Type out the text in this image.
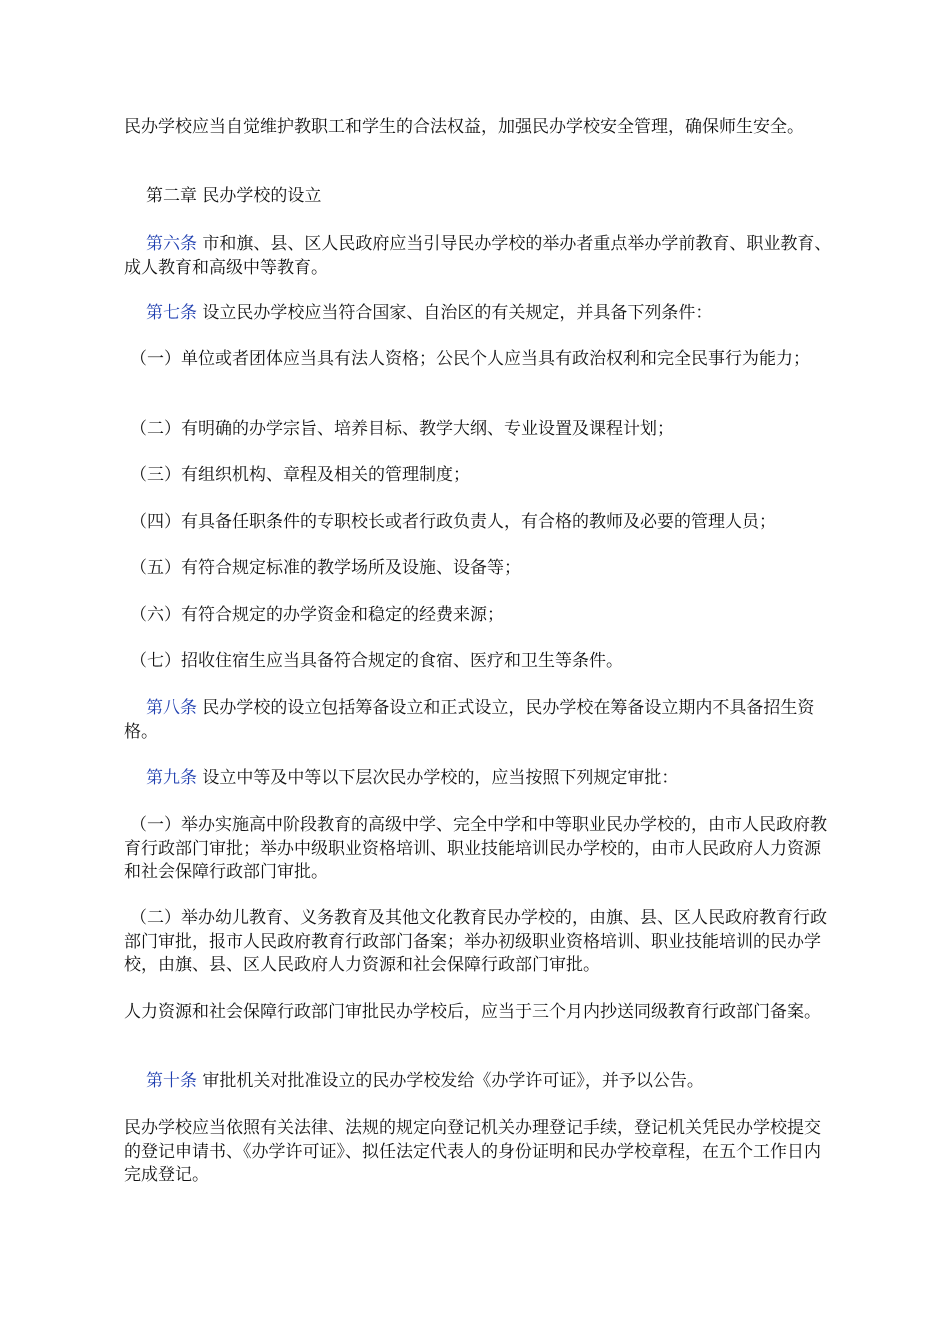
民办学校应当自觉维护教职工和学生的合法权益，加强民办学校安全管理，确保师生安全。

第二章 民办学校的设立

第六条 市和旗、县、区人民政府应当引导民办学校的举办者重点举办学前教育、职业教育、成人教育和高级中等教育。

第七条 设立民办学校应当符合国家、自治区的有关规定，并具备下列条件：

（一）单位或者团体应当具有法人资格；公民个人应当具有政治权利和完全民事行为能力；

（二）有明确的办学宗旨、培养目标、教学大纲、专业设置及课程计划；

（三）有组织机构、章程及相关的管理制度；

（四）有具备任职条件的专职校长或者行政负责人，有合格的教师及必要的管理人员；

（五）有符合规定标准的教学场所及设施、设备等；

（六）有符合规定的办学资金和稳定的经费来源；

（七）招收住宿生应当具备符合规定的食宿、医疗和卫生等条件。

第八条 民办学校的设立包括筹备设立和正式设立，民办学校在筹备设立期内不具备招生资格。

第九条 设立中等及中等以下层次民办学校的，应当按照下列规定审批：

（一）举办实施高中阶段教育的高级中学、完全中学和中等职业民办学校的，由市人民政府教育行政部门审批；举办中级职业资格培训、职业技能培训民办学校的，由市人民政府人力资源和社会保障行政部门审批。

（二）举办幼儿教育、义务教育及其他文化教育民办学校的，由旗、县、区人民政府教育行政部门审批，报市人民政府教育行政部门备案；举办初级职业资格培训、职业技能培训的民办学校，由旗、县、区人民政府人力资源和社会保障行政部门审批。

人力资源和社会保障行政部门审批民办学校后，应当于三个月内抄送同级教育行政部门备案。

第十条 审批机关对批准设立的民办学校发给《办学许可证》，并予以公告。

民办学校应当依照有关法律、法规的规定向登记机关办理登记手续，登记机关凭民办学校提交的登记申请书、《办学许可证》、拟任法定代表人的身份证明和民办学校章程，在五个工作日内完成登记。
